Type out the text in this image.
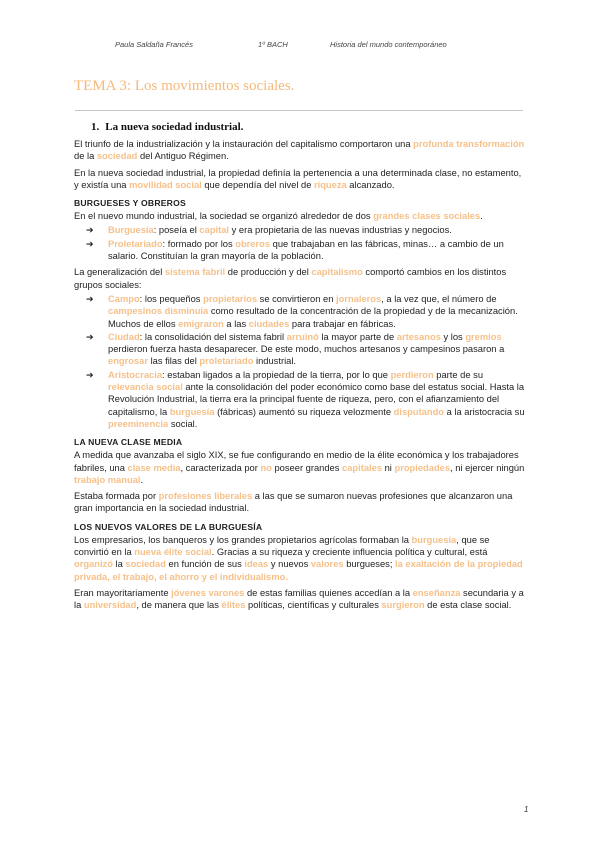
Paula Saldaña Francés	1º BACH	Historia del mundo contemporáneo
TEMA 3: Los movimientos sociales.
1. La nueva sociedad industrial.

El triunfo de la industrialización y la instauración del capitalismo comportaron una profunda transformación de la sociedad del Antiguo Régimen.

En la nueva sociedad industrial, la propiedad definía la pertenencia a una determinada clase, no estamento, y existía una movilidad social que dependía del nivel de riqueza alcanzado.

BURGUESES Y OBREROS

En el nuevo mundo industrial, la sociedad se organizó alrededor de dos grandes clases sociales.

➔ Burguesía: poseía el capital y era propietaria de las nuevas industrias y negocios.
➔ Proletariado: formado por los obreros que trabajaban en las fábricas, minas… a cambio de un salario. Constituían la gran mayoría de la población.

La generalización del sistema fabril de producción y del capitalismo comportó cambios en los distintos grupos sociales:

➔ Campo: los pequeños propietarios se convirtieron en jornaleros, a la vez que, el número de campesinos disminuía como resultado de la concentración de la propiedad y de la mecanización. Muchos de ellos emigraron a las ciudades para trabajar en fábricas.
➔ Ciudad: la consolidación del sistema fabril arruinó la mayor parte de artesanos y los gremios perdieron fuerza hasta desaparecer. De este modo, muchos artesanos y campesinos pasaron a engrosar las filas del proletariado industrial.
➔ Aristocracia: estaban ligados a la propiedad de la tierra, por lo que perdieron parte de su relevancia social ante la consolidación del poder económico como base del estatus social. Hasta la Revolución Industrial, la tierra era la principal fuente de riqueza, pero, con el afianzamiento del capitalismo, la burguesía (fábricas) aumentó su riqueza velozmente disputando a la aristocracia su preeminencia social.
LA NUEVA CLASE MEDIA

A medida que avanzaba el siglo XIX, se fue configurando en medio de la élite económica y los trabajadores fabriles, una clase media, caracterizada por no poseer grandes capitales ni propiedades, ni ejercer ningún trabajo manual.

Estaba formada por profesiones liberales a las que se sumaron nuevas profesiones que alcanzaron una gran importancia en la sociedad industrial.

LOS NUEVOS VALORES DE LA BURGUESÍA

Los empresarios, los banqueros y los grandes propietarios agrícolas formaban la burguesía, que se convirtió en la nueva élite social. Gracias a su riqueza y creciente influencia política y cultural, está organizó la sociedad en función de sus ideas y nuevos valores burgueses; la exaltación de la propiedad privada, el trabajo, el ahorro y el individualismo.

Eran mayoritariamente jóvenes varones de estas familias quienes accedían a la enseñanza secundaria y a la universidad, de manera que las élites políticas, científicas y culturales surgieron de esta clase social.

1
